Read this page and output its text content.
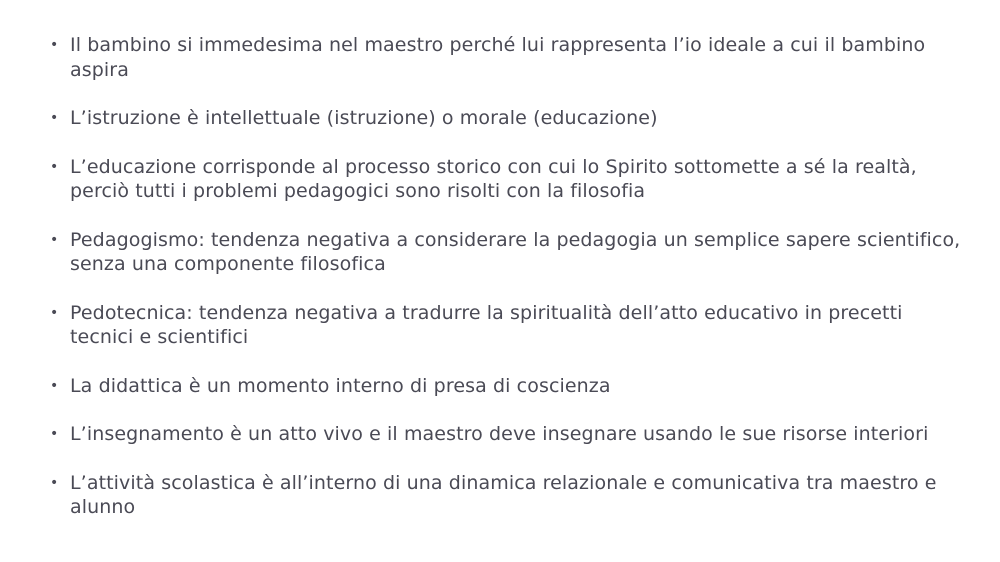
• Il bambino si immedesima nel maestro perché lui rappresenta l’io ideale a cui il bambino aspira
• L’istruzione è intellettuale (istruzione) o morale (educazione)
• L’educazione corrisponde al processo storico con cui lo Spirito sottomette a sé la realtà, perciò tutti i problemi pedagogici sono risolti con la filosofia
• Pedagogismo: tendenza negativa a considerare la pedagogia un semplice sapere scientifico, senza una componente filosofica
• Pedotecnica: tendenza negativa a tradurre la spiritualità dell’atto educativo in precetti tecnici e scientifici
• La didattica è un momento interno di presa di coscienza
• L’insegnamento è un atto vivo e il maestro deve insegnare usando le sue risorse interiori
• L’attività scolastica è all’interno di una dinamica relazionale e comunicativa tra maestro e alunno
